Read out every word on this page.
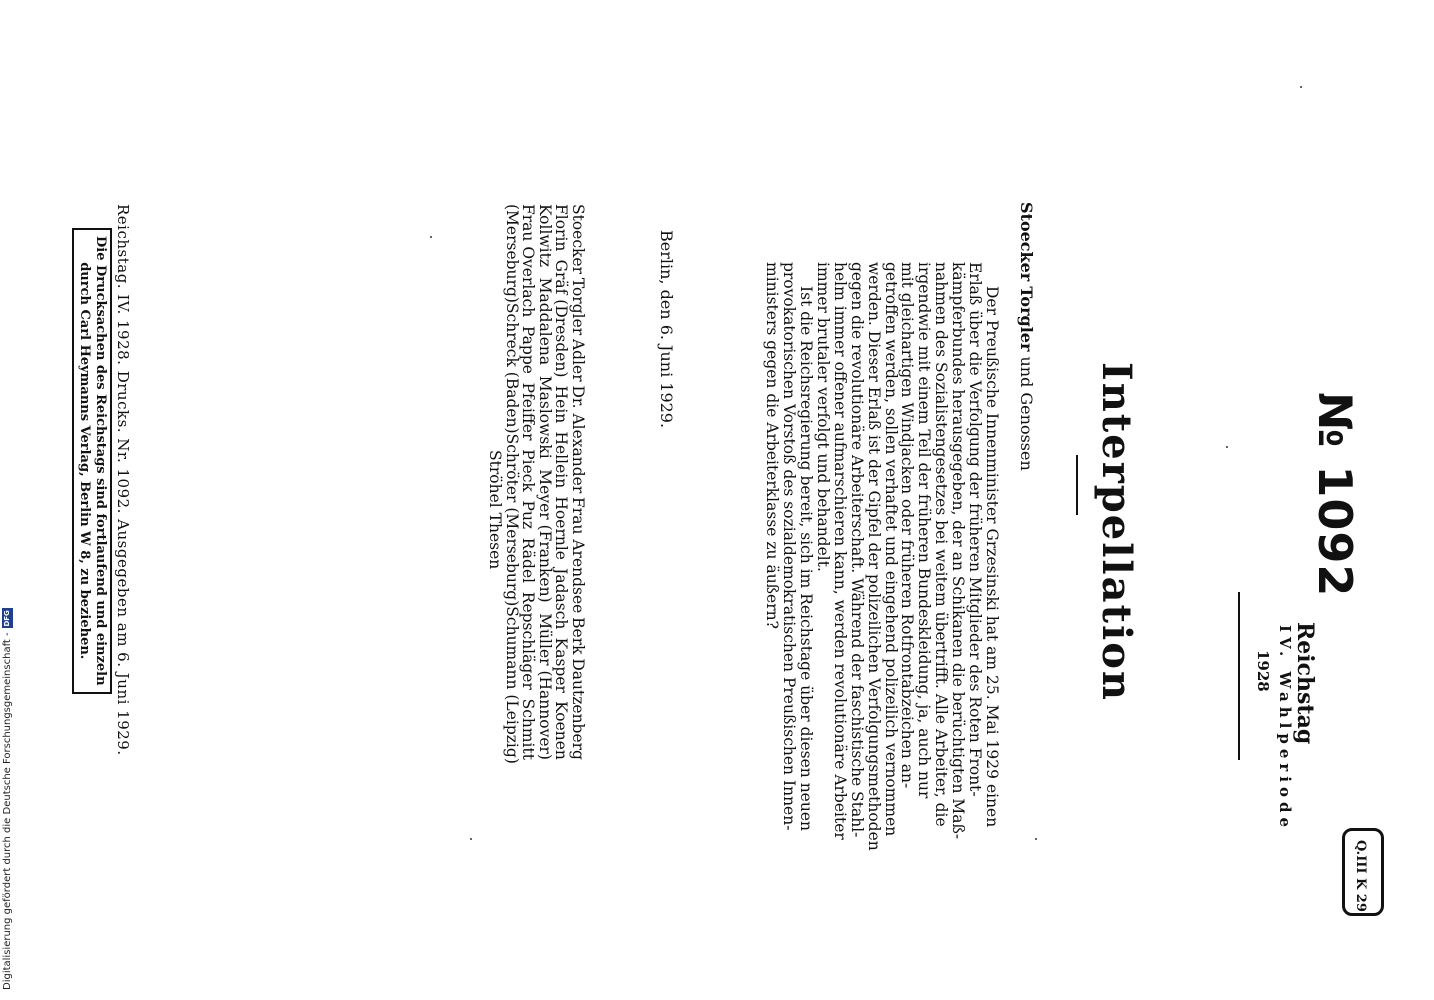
№ 1092
Reichstag
IV. Wahlperiode
1928
Q.III K 29
Interpellation
Stoecker Torgler und Genossen
Der Preußische Innenminister Grzesinski hat am 25. Mai 1929 einen
Erlaß über die Verfolgung der früheren Mitglieder des Roten Front-
kämpferbundes herausgegeben, der an Schikanen die berüchtigten Maß-
nahmen des Sozialistengesetzes bei weitem übertrifft. Alle Arbeiter, die
irgendwie mit einem Teil der früheren Bundeskleidung, ja, auch nur
mit gleichartigen Windjacken oder früheren Rotfrontabzeichen an-
getroffen werden, sollen verhaftet und eingehend polizeilich vernommen
werden. Dieser Erlaß ist der Gipfel der polizeilichen Verfolgungsmethoden
gegen die revolutionäre Arbeiterschaft. Während der faschistische Stahl-
helm immer offener aufmarschieren kann, werden revolutionäre Arbeiter
immer brutaler verfolgt und behandelt.
Ist die Reichsregierung bereit, sich im Reichstage über diesen neuen
provokatorischen Vorstoß des sozialdemokratischen Preußischen Innen-
ministers gegen die Arbeiterklasse zu äußern?
Berlin, den 6. Juni 1929.
Stoecker
Torgler
Adler
Dr. Alexander
Frau Arendsee
Berk
Dautzenberg
Florin
Gräf (Dresden)
Hein
Hellein
Hoernle
Jadasch
Kasper
Koenen
Kollwitz
Maddalena
Maslowski
Meyer (Franken)
Müller (Hannover)
Frau Overlach
Pappe
Pfeiffer
Pieck
Puz
Rädel
Repschläger
Schmitt
(Merseburg)
Schreck (Baden)
Schröter (Merseburg)
Schumann (Leipzig)
Ströhel Thesen
Reichstag. IV. 1928. Drucks. Nr. 1092. Ausgegeben am 6. Juni 1929.
Die Drucksachen des Reichstags sind fortlaufend und einzeln
durch Carl Heymanns Verlag, Berlin W 8, zu beziehen.
Digitalisierung gefördert durch die Deutsche Forschungsgemeinschaft -
DFG
